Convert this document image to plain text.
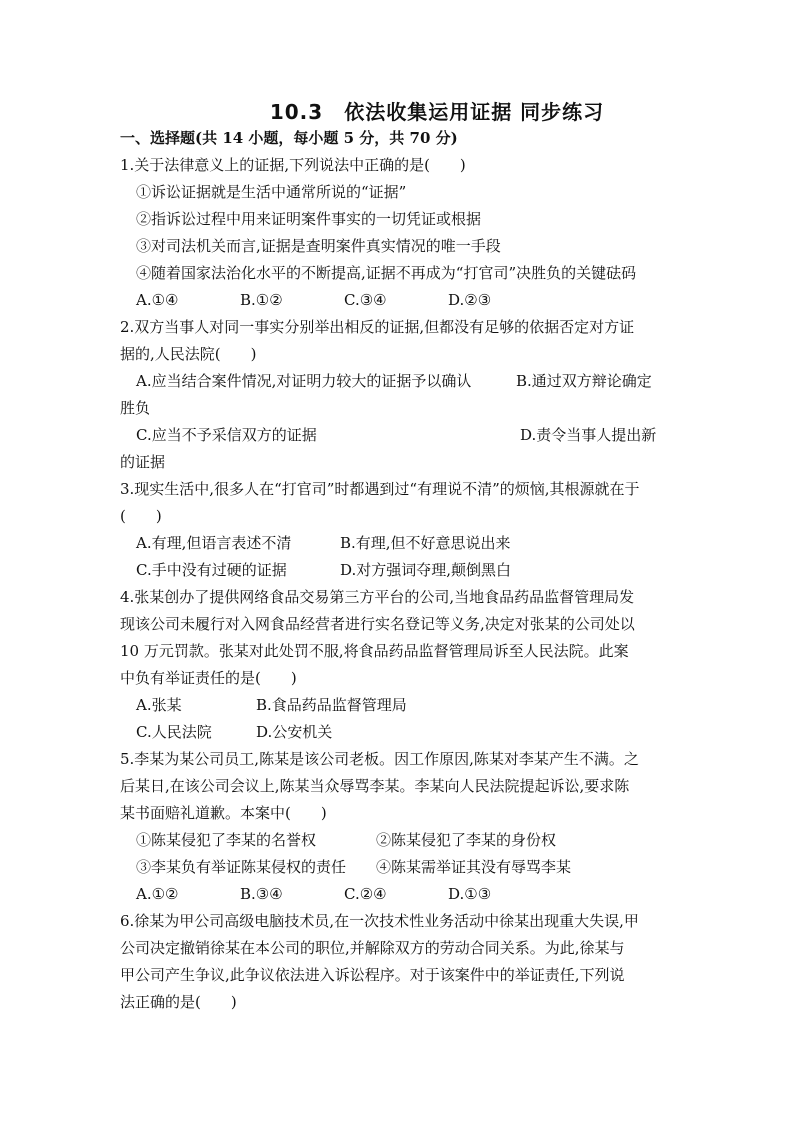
10.3　依法收集运用证据 同步练习
一、选择题(共 14 小题，每小题 5 分，共 70 分)
1.关于法律意义上的证据,下列说法中正确的是(　　)
①诉讼证据就是生活中通常所说的“证据”
②指诉讼过程中用来证明案件事实的一切凭证或根据
③对司法机关而言,证据是查明案件真实情况的唯一手段
④随着国家法治化水平的不断提高,证据不再成为“打官司”决胜负的关键砝码
A.①④	B.①②	C.③④	D.②③
2.双方当事人对同一事实分别举出相反的证据,但都没有足够的依据否定对方证
据的,人民法院(　　)
A.应当结合案件情况,对证明力较大的证据予以确认	B.通过双方辩论确定
胜负
C.应当不予采信双方的证据	D.责令当事人提出新
的证据
3.现实生活中,很多人在“打官司”时都遇到过“有理说不清”的烦恼,其根源就在于
(　　)
A.有理,但语言表述不清	B.有理,但不好意思说出来
C.手中没有过硬的证据	D.对方强词夺理,颠倒黑白
4.张某创办了提供网络食品交易第三方平台的公司,当地食品药品监督管理局发
现该公司未履行对入网食品经营者进行实名登记等义务,决定对张某的公司处以
10 万元罚款。张某对此处罚不服,将食品药品监督管理局诉至人民法院。此案
中负有举证责任的是(　　)
A.张某	B.食品药品监督管理局
C.人民法院	D.公安机关
5.李某为某公司员工,陈某是该公司老板。因工作原因,陈某对李某产生不满。之
后某日,在该公司会议上,陈某当众辱骂李某。李某向人民法院提起诉讼,要求陈
某书面赔礼道歉。本案中(　　)
①陈某侵犯了李某的名誉权	②陈某侵犯了李某的身份权
③李某负有举证陈某侵权的责任 ④陈某需举证其没有辱骂李某
A.①②	B.③④	C.②④	D.①③
6.徐某为甲公司高级电脑技术员,在一次技术性业务活动中徐某出现重大失误,甲
公司决定撤销徐某在本公司的职位,并解除双方的劳动合同关系。为此,徐某与
甲公司产生争议,此争议依法进入诉讼程序。对于该案件中的举证责任,下列说
法正确的是(　　)
